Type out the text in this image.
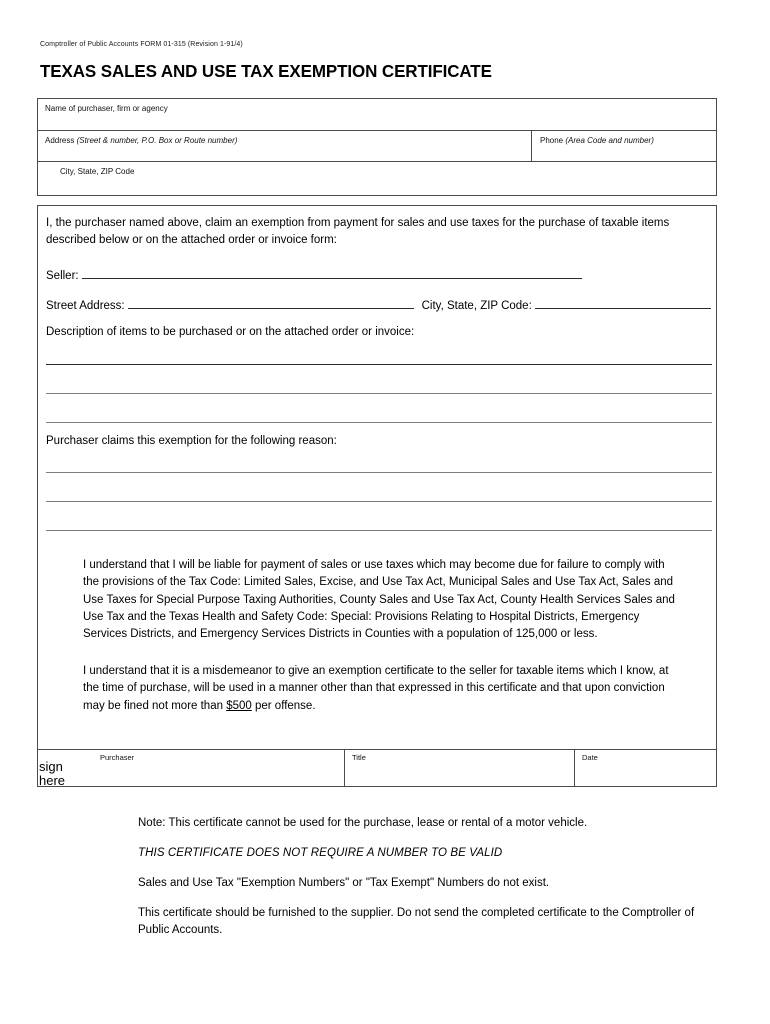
Comptroller of Public Accounts FORM 01-315 (Revision 1-91/4)
TEXAS SALES AND USE TAX EXEMPTION CERTIFICATE
Name of purchaser, firm or agency
Address (Street & number, P.O. Box or Route number)	Phone (Area Code and number)
City, State, ZIP Code
I, the purchaser named above, claim an exemption from payment for sales and use taxes for the purchase of taxable items described below or on the attached order or invoice form:
Seller:
Street Address:	City, State, ZIP Code:
Description of items to be purchased or on the attached order or invoice:
Purchaser claims this exemption for the following reason:
I understand that I will be liable for payment of sales or use taxes which may become due for failure to comply with the provisions of the Tax Code: Limited Sales, Excise, and Use Tax Act, Municipal Sales and Use Tax Act, Sales and Use Taxes for Special Purpose Taxing Authorities, County Sales and Use Tax Act, County Health Services Sales and Use Tax and the Texas Health and Safety Code: Special: Provisions Relating to Hospital Districts, Emergency Services Districts, and Emergency Services Districts in Counties with a population of 125,000 or less.
I understand that it is a misdemeanor to give an exemption certificate to the seller for taxable items which I know, at the time of purchase, will be used in a manner other than that expressed in this certificate and that upon conviction may be fined not more than $500 per offense.
Purchaser	Title	Date
sign
here
Note: This certificate cannot be used for the purchase, lease or rental of a motor vehicle.
THIS CERTIFICATE DOES NOT REQUIRE A NUMBER TO BE VALID
Sales and Use Tax "Exemption Numbers" or "Tax Exempt" Numbers do not exist.
This certificate should be furnished to the supplier. Do not send the completed certificate to the Comptroller of Public Accounts.
